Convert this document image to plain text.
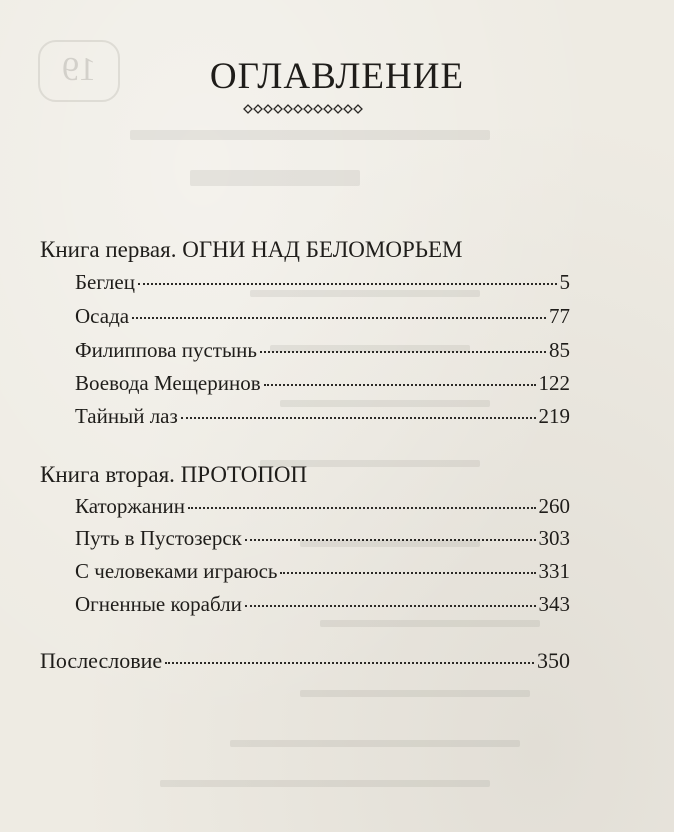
19	ОГЛАВЛЕНИЕ
Книга первая. ОГНИ НАД БЕЛОМОРЬЕМ
Беглец	5
Осада	77
Филиппова пустынь	85
Воевода Мещеринов	122
Тайный лаз	219
Книга вторая. ПРОТОПОП
Каторжанин	260
Путь в Пустозерск	303
С человеками играюсь	331
Огненные корабли	343
Послесловие	350
